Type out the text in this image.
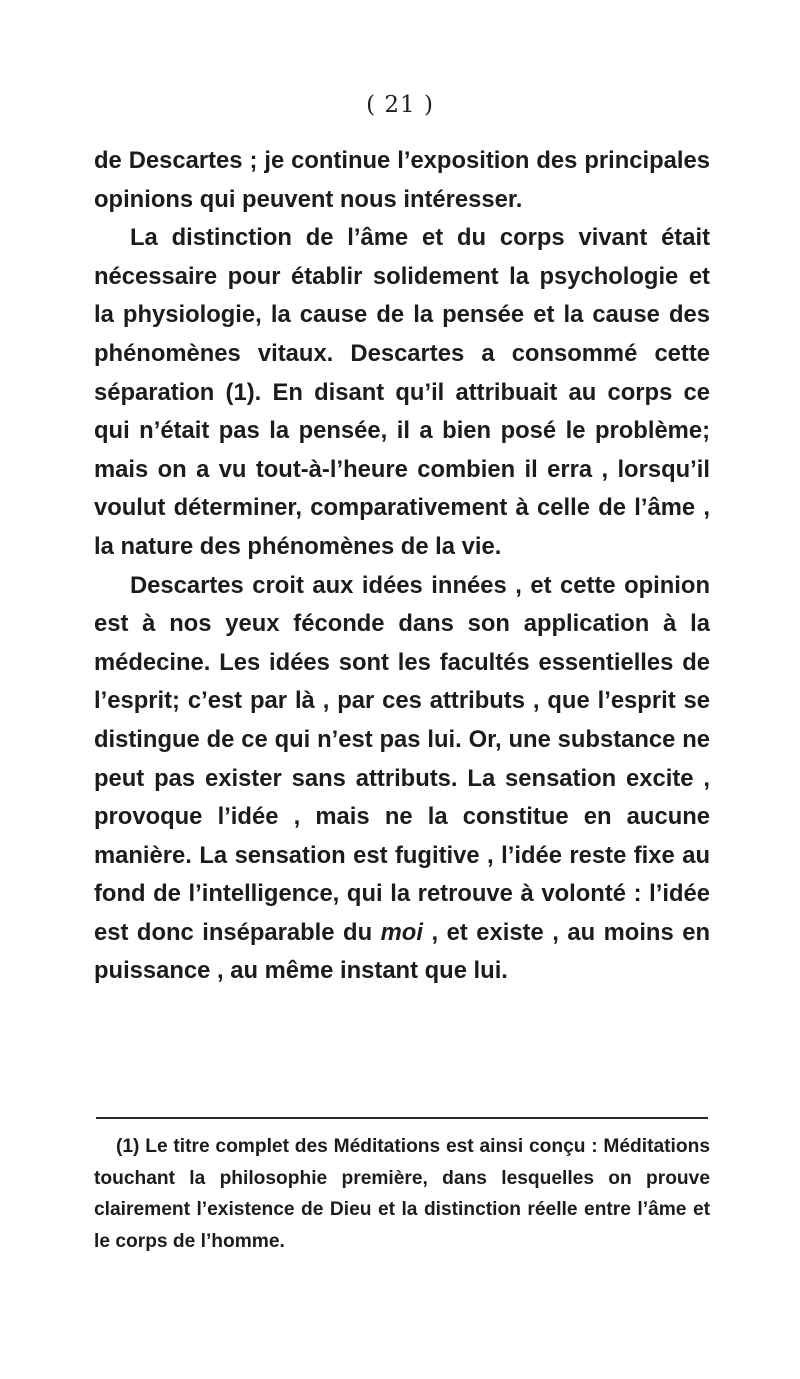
( 21 )

de Descartes ; je continue l’exposition des principales opinions qui peuvent nous intéresser.

La distinction de l’âme et du corps vivant était nécessaire pour établir solidement la psychologie et la physiologie, la cause de la pensée et la cause des phénomènes vitaux. Descartes a consommé cette séparation (1). En disant qu’il attribuait au corps ce qui n’était pas la pensée, il a bien posé le problème; mais on a vu tout-à-l’heure combien il erra , lorsqu’il voulut déterminer, comparativement à celle de l’âme , la nature des phénomènes de la vie.

Descartes croit aux idées innées , et cette opinion est à nos yeux féconde dans son application à la médecine. Les idées sont les facultés essentielles de l’esprit; c’est par là , par ces attributs , que l’esprit se distingue de ce qui n’est pas lui. Or, une substance ne peut pas exister sans attributs. La sensation excite , provoque l’idée , mais ne la constitue en aucune manière. La sensation est fugitive , l’idée reste fixe au fond de l’intelligence, qui la retrouve à volonté : l’idée est donc inséparable du moi , et existe , au moins en puissance , au même instant que lui.

(1) Le titre complet des Méditations est ainsi conçu : Méditations touchant la philosophie première, dans lesquelles on prouve clairement l’existence de Dieu et la distinction réelle entre l’âme et le corps de l’homme.
